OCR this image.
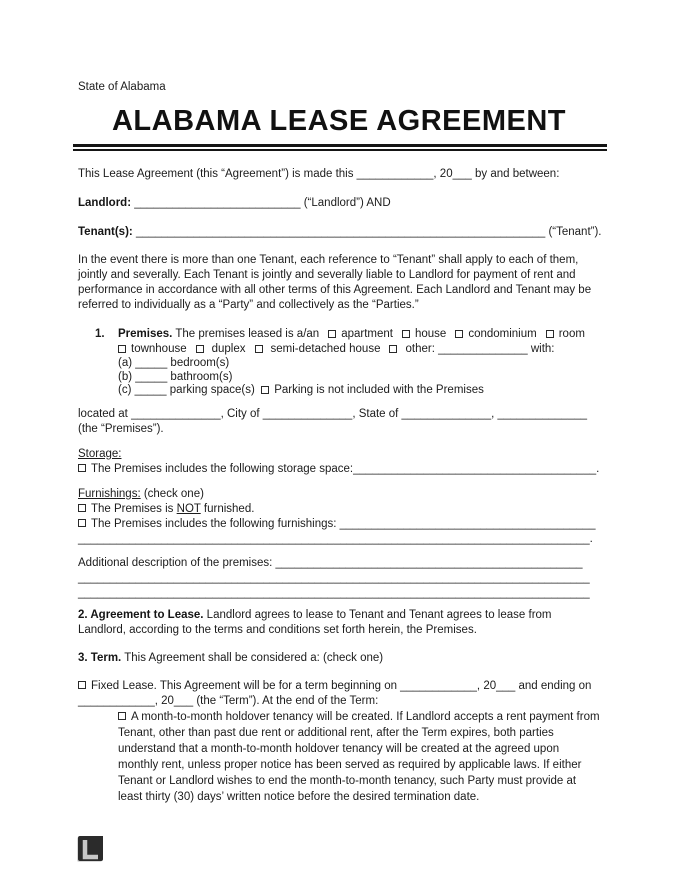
State of Alabama

ALABAMA LEASE AGREEMENT

This Lease Agreement (this “Agreement”) is made this ____________, 20___ by and between:

Landlord: __________________________ (“Landlord”) AND

Tenant(s): ________________________________________________________________ (“Tenant”).

In the event there is more than one Tenant, each reference to “Tenant” shall apply to each of them, jointly and severally. Each Tenant is jointly and severally liable to Landlord for payment of rent and performance in accordance with all other terms of this Agreement. Each Landlord and Tenant may be referred to individually as a “Party” and collectively as the “Parties.”

1.	Premises. The premises leased is a/an apartment house condominium room
townhouse duplex semi-detached house other: ______________ with:
(a) _____ bedroom(s)
(b) _____ bathroom(s)
(c) _____ parking space(s) Parking is not included with the Premises

located at ______________, City of ______________, State of ______________, ______________

(the “Premises”).

Storage:

The Premises includes the following storage space:______________________________________.

Furnishings: (check one)

The Premises is NOT furnished.

The Premises includes the following furnishings: ________________________________________

________________________________________________________________________________.

Additional description of the premises: ________________________________________________

________________________________________________________________________________

________________________________________________________________________________

2. Agreement to Lease. Landlord agrees to lease to Tenant and Tenant agrees to lease from Landlord, according to the terms and conditions set forth herein, the Premises.

3. Term. This Agreement shall be considered a: (check one)

Fixed Lease. This Agreement will be for a term beginning on ____________, 20___ and ending on

____________, 20___ (the “Term”). At the end of the Term:

A month-to-month holdover tenancy will be created. If Landlord accepts a rent payment from Tenant, other than past due rent or additional rent, after the Term expires, both parties understand that a month-to-month holdover tenancy will be created at the agreed upon monthly rent, unless proper notice has been served as required by applicable laws. If either Tenant or Landlord wishes to end the month-to-month tenancy, such Party must provide at least thirty (30) days’ written notice before the desired termination date.
